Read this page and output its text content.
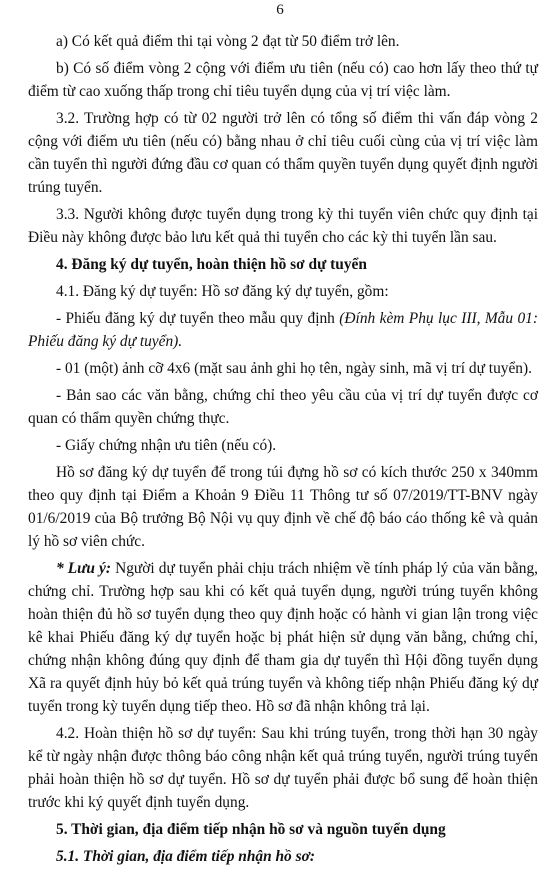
6

a) Có kết quả điểm thi tại vòng 2 đạt từ 50 điểm trở lên.

b) Có số điểm vòng 2 cộng với điểm ưu tiên (nếu có) cao hơn lấy theo thứ tự điểm từ cao xuống thấp trong chỉ tiêu tuyển dụng của vị trí việc làm.

3.2. Trường hợp có từ 02 người trở lên có tổng số điểm thi vấn đáp vòng 2 cộng với điểm ưu tiên (nếu có) bằng nhau ở chỉ tiêu cuối cùng của vị trí việc làm cần tuyển thì người đứng đầu cơ quan có thẩm quyền tuyển dụng quyết định người trúng tuyển.

3.3. Người không được tuyển dụng trong kỳ thi tuyển viên chức quy định tại Điều này không được bảo lưu kết quả thi tuyển cho các kỳ thi tuyển lần sau.

4. Đăng ký dự tuyển, hoàn thiện hồ sơ dự tuyển

4.1. Đăng ký dự tuyển: Hồ sơ đăng ký dự tuyển, gồm:

- Phiếu đăng ký dự tuyển theo mẫu quy định (Đính kèm Phụ lục III, Mẫu 01: Phiếu đăng ký dự tuyển).

- 01 (một) ảnh cỡ 4x6 (mặt sau ảnh ghi họ tên, ngày sinh, mã vị trí dự tuyển).

- Bản sao các văn bằng, chứng chỉ theo yêu cầu của vị trí dự tuyển được cơ quan có thẩm quyền chứng thực.

- Giấy chứng nhận ưu tiên (nếu có).

Hồ sơ đăng ký dự tuyển để trong túi đựng hồ sơ có kích thước 250 x 340mm theo quy định tại Điểm a Khoản 9 Điều 11 Thông tư số 07/2019/TT-BNV ngày 01/6/2019 của Bộ trưởng Bộ Nội vụ quy định về chế độ báo cáo thống kê và quản lý hồ sơ viên chức.

* Lưu ý: Người dự tuyển phải chịu trách nhiệm về tính pháp lý của văn bằng, chứng chỉ. Trường hợp sau khi có kết quả tuyển dụng, người trúng tuyển không hoàn thiện đủ hồ sơ tuyển dụng theo quy định hoặc có hành vi gian lận trong việc kê khai Phiếu đăng ký dự tuyển hoặc bị phát hiện sử dụng văn bằng, chứng chỉ, chứng nhận không đúng quy định để tham gia dự tuyển thì Hội đồng tuyển dụng Xã ra quyết định hủy bỏ kết quả trúng tuyển và không tiếp nhận Phiếu đăng ký dự tuyển trong kỳ tuyển dụng tiếp theo. Hồ sơ đã nhận không trả lại.

4.2. Hoàn thiện hồ sơ dự tuyển: Sau khi trúng tuyển, trong thời hạn 30 ngày kể từ ngày nhận được thông báo công nhận kết quả trúng tuyển, người trúng tuyển phải hoàn thiện hồ sơ dự tuyển. Hồ sơ dự tuyển phải được bổ sung để hoàn thiện trước khi ký quyết định tuyển dụng.

5. Thời gian, địa điểm tiếp nhận hồ sơ và nguồn tuyển dụng

5.1. Thời gian, địa điểm tiếp nhận hồ sơ:
